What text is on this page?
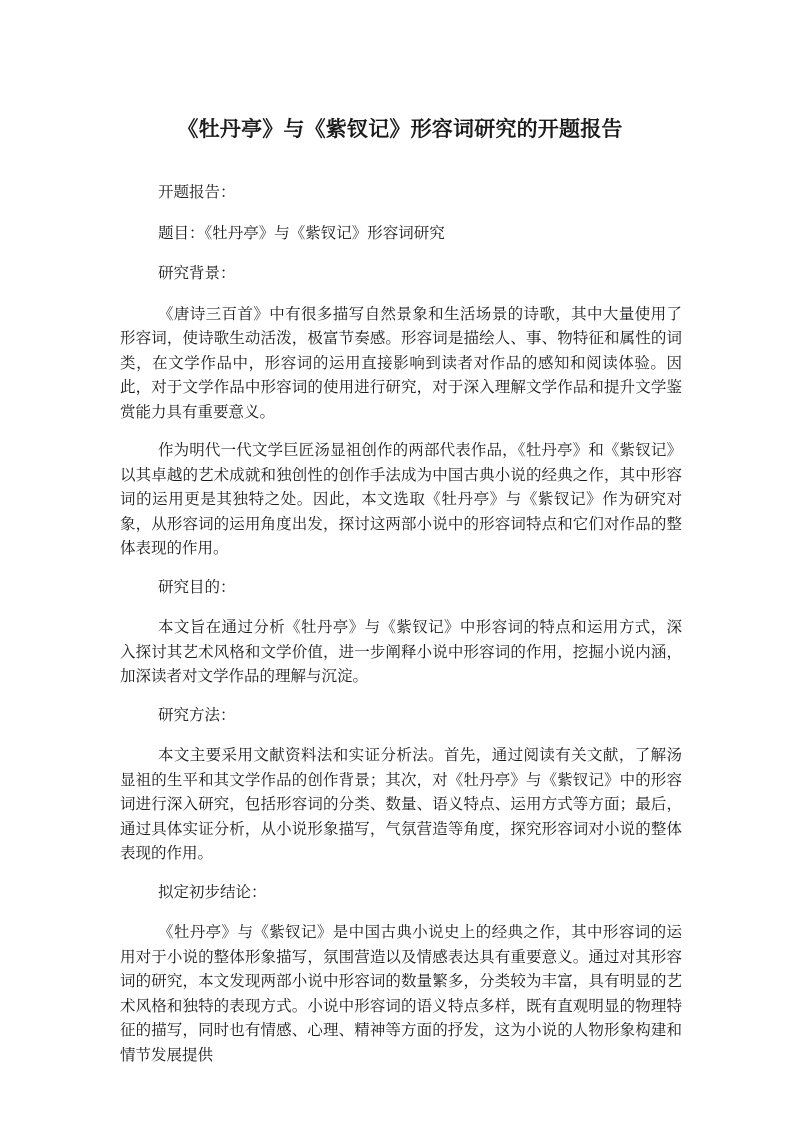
《牡丹亭》与《紫钗记》形容词研究的开题报告

开题报告：

题目：《牡丹亭》与《紫钗记》形容词研究

研究背景：

《唐诗三百首》中有很多描写自然景象和生活场景的诗歌，其中大量使用了形容词，使诗歌生动活泼，极富节奏感。形容词是描绘人、事、物特征和属性的词类，在文学作品中，形容词的运用直接影响到读者对作品的感知和阅读体验。因此，对于文学作品中形容词的使用进行研究，对于深入理解文学作品和提升文学鉴赏能力具有重要意义。

作为明代一代文学巨匠汤显祖创作的两部代表作品，《牡丹亭》和《紫钗记》以其卓越的艺术成就和独创性的创作手法成为中国古典小说的经典之作，其中形容词的运用更是其独特之处。因此，本文选取《牡丹亭》与《紫钗记》作为研究对象，从形容词的运用角度出发，探讨这两部小说中的形容词特点和它们对作品的整体表现的作用。

研究目的：

本文旨在通过分析《牡丹亭》与《紫钗记》中形容词的特点和运用方式，深入探讨其艺术风格和文学价值，进一步阐释小说中形容词的作用，挖掘小说内涵，加深读者对文学作品的理解与沉淀。

研究方法：

本文主要采用文献资料法和实证分析法。首先，通过阅读有关文献，了解汤显祖的生平和其文学作品的创作背景；其次，对《牡丹亭》与《紫钗记》中的形容词进行深入研究，包括形容词的分类、数量、语义特点、运用方式等方面；最后，通过具体实证分析，从小说形象描写，气氛营造等角度，探究形容词对小说的整体表现的作用。

拟定初步结论：

《牡丹亭》与《紫钗记》是中国古典小说史上的经典之作，其中形容词的运用对于小说的整体形象描写，氛围营造以及情感表达具有重要意义。通过对其形容词的研究，本文发现两部小说中形容词的数量繁多，分类较为丰富，具有明显的艺术风格和独特的表现方式。小说中形容词的语义特点多样，既有直观明显的物理特征的描写，同时也有情感、心理、精神等方面的抒发，这为小说的人物形象构建和情节发展提供
